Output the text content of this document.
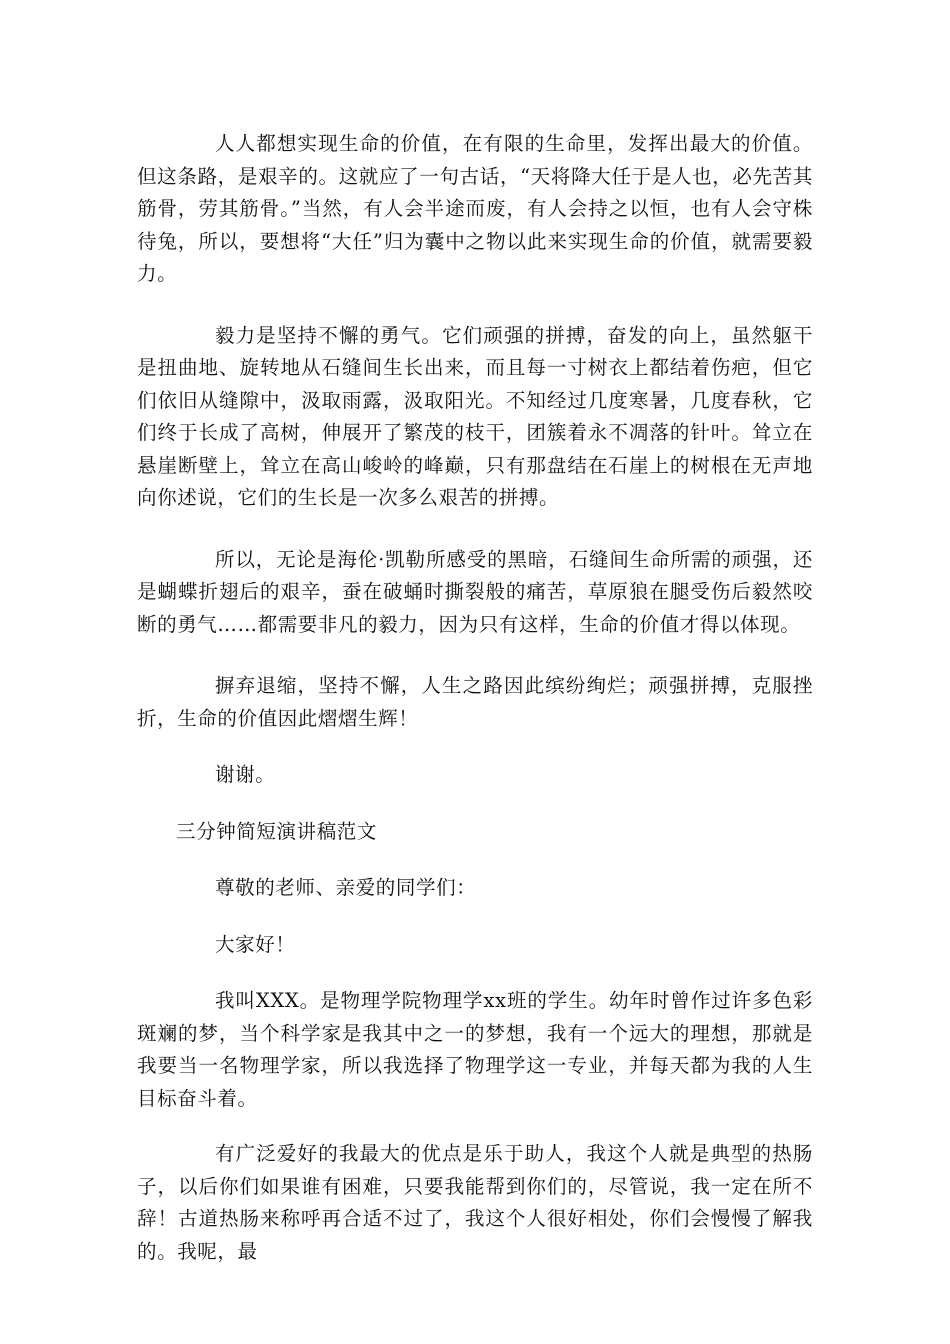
人人都想实现生命的价值，在有限的生命里，发挥出最大的价值。但这条路，是艰辛的。这就应了一句古话，“天将降大任于是人也，必先苦其筋骨，劳其筋骨。”当然，有人会半途而废，有人会持之以恒，也有人会守株待兔，所以，要想将“大任”归为囊中之物以此来实现生命的价值，就需要毅力。

毅力是坚持不懈的勇气。它们顽强的拼搏，奋发的向上，虽然躯干是扭曲地、旋转地从石缝间生长出来，而且每一寸树衣上都结着伤疤，但它们依旧从缝隙中，汲取雨露，汲取阳光。不知经过几度寒暑，几度春秋，它们终于长成了高树，伸展开了繁茂的枝干，团簇着永不凋落的针叶。耸立在悬崖断壁上，耸立在高山峻岭的峰巅，只有那盘结在石崖上的树根在无声地向你述说，它们的生长是一次多么艰苦的拼搏。

所以，无论是海伦·凯勒所感受的黑暗，石缝间生命所需的顽强，还是蝴蝶折翅后的艰辛，蚕在破蛹时撕裂般的痛苦，草原狼在腿受伤后毅然咬断的勇气……都需要非凡的毅力，因为只有这样，生命的价值才得以体现。

摒弃退缩，坚持不懈，人生之路因此缤纷绚烂；顽强拼搏，克服挫折，生命的价值因此熠熠生辉！

谢谢。

三分钟简短演讲稿范文

尊敬的老师、亲爱的同学们：

大家好！

我叫XXX。是物理学院物理学xx班的学生。幼年时曾作过许多色彩斑斓的梦，当个科学家是我其中之一的梦想，我有一个远大的理想，那就是我要当一名物理学家，所以我选择了物理学这一专业，并每天都为我的人生目标奋斗着。

有广泛爱好的我最大的优点是乐于助人，我这个人就是典型的热肠子，以后你们如果谁有困难，只要我能帮到你们的，尽管说，我一定在所不辞！古道热肠来称呼再合适不过了，我这个人很好相处，你们会慢慢了解我的。我呢，最
